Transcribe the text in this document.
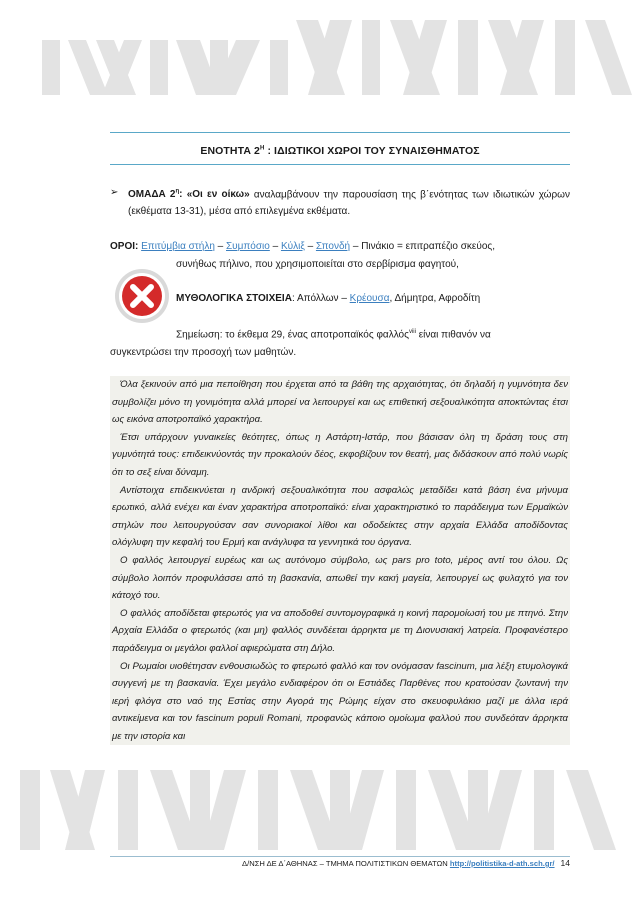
ΕΝΟΤΗΤΑ $2^H$ : ΙΔΙΩΤΙΚΟΙ ΧΩΡΟΙ ΤΟΥ ΣΥΝΑΙΣΘΗΜΑΤΟΣ
➢ ΟΜΑΔΑ $2^\eta$: «Οι εν οίκω» αναλαμβάνουν την παρουσίαση της β΄ενότητας των ιδιωτικών χώρων (εκθέματα 13-31), μέσα από επιλεγμένα εκθέματα.
ΟΡΟΙ: Επιτύμβια στήλη – Συμπόσιο – Κύλιξ – Σπονδή – Πινάκιο = επιτραπέζιο σκεύος,
συνήθως πήλινο, που χρησιμοποιείται στο σερβίρισμα φαγητού,
ΜΥΘΟΛΟΓΙΚΑ ΣΤΟΙΧΕΙΑ: Απόλλων – Κρέουσα, Δήμητρα, Αφροδίτη
Σημείωση: το έκθεμα 29, ένας αποτροπαϊκός φαλλός$^{viii}$ είναι πιθανόν να
συγκεντρώσει την προσοχή των μαθητών.

Όλα ξεκινούν από μια πεποίθηση που έρχεται από τα βάθη της αρχαιότητας, ότι δηλαδή η γυμνότητα δεν συμβολίζει μόνο τη γονιμότητα αλλά μπορεί να λειτουργεί και ως επιθετική σεξουαλικότητα αποκτώντας έτσι ως εικόνα αποτροπαϊκό χαρακτήρα.

Έτσι υπάρχουν γυναικείες θεότητες, όπως η Αστάρτη-Ιστάρ, που βάσισαν όλη τη δράση τους στη γυμνότητά τους: επιδεικνύοντάς την προκαλούν δέος, εκφοβίζουν τον θεατή, μας διδάσκουν από πολύ νωρίς ότι το σεξ είναι δύναμη.

Αντίστοιχα επιδεικνύεται η ανδρική σεξουαλικότητα που ασφαλώς μεταδίδει κατά βάση ένα μήνυμα ερωτικό, αλλά ενέχει και έναν χαρακτήρα αποτροπαϊκό: είναι χαρακτηριστικό το παράδειγμα των Ερμαϊκών στηλών που λειτουργούσαν σαν συνοριακοί λίθοι και οδοδείκτες στην αρχαία Ελλάδα αποδίδοντας ολόγλυφη την κεφαλή του Ερμή και ανάγλυφα τα γεννητικά του όργανα.

Ο φαλλός λειτουργεί ευρέως και ως αυτόνομο σύμβολο, ως pars pro toto, μέρος αντί του όλου. Ως σύμβολο λοιπόν προφυλάσσει από τη βασκανία, απωθεί την κακή μαγεία, λειτουργεί ως φυλαχτό για τον κάτοχό του.

Ο φαλλός αποδίδεται φτερωτός για να αποδοθεί συντομογραφικά η κοινή παρομοίωσή του με πτηνό. Στην Αρχαία Ελλάδα ο φτερωτός (και μη) φαλλός συνδέεται άρρηκτα με τη Διονυσιακή λατρεία. Προφανέστερο παράδειγμα οι μεγάλοι φαλλοί αφιερώματα στη Δήλο.

Οι Ρωμαίοι υιοθέτησαν ενθουσιωδώς το φτερωτό φαλλό και τον ονόμασαν fascinum, μια λέξη ετυμολογικά συγγενή με τη βασκανία. Έχει μεγάλο ενδιαφέρον ότι οι Εστιάδες Παρθένες που κρατούσαν ζωντανή την ιερή φλόγα στο ναό της Εστίας στην Αγορά της Ρώμης είχαν στο σκευοφυλάκιο μαζί με άλλα ιερά αντικείμενα και τον fascinum populi Romani, προφανώς κάποιο ομοίωμα φαλλού που συνδεόταν άρρηκτα με την ιστορία και

Δ/ΝΣΗ ΔΕ Δ΄ΑΘΗΝΑΣ – ΤΜΗΜΑ ΠΟΛΙΤΙΣΤΙΚΩΝ ΘΕΜΑΤΩΝ http://politistika-d-ath.sch.gr/ 14
